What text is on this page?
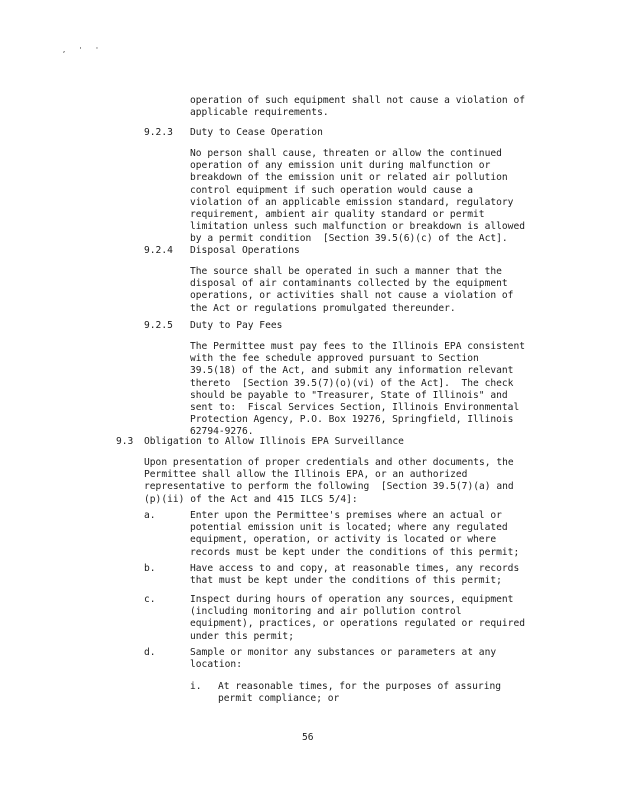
, ' '
operation of such equipment shall not cause a violation of
applicable requirements.
9.2.3 Duty to Cease Operation
No person shall cause, threaten or allow the continued
operation of any emission unit during malfunction or
breakdown of the emission unit or related air pollution
control equipment if such operation would cause a
violation of an applicable emission standard, regulatory
requirement, ambient air quality standard or permit
limitation unless such malfunction or breakdown is allowed
by a permit condition  [Section 39.5(6)(c) of the Act].
9.2.4 Disposal Operations
The source shall be operated in such a manner that the
disposal of air contaminants collected by the equipment
operations, or activities shall not cause a violation of
the Act or regulations promulgated thereunder.
9.2.5 Duty to Pay Fees
The Permittee must pay fees to the Illinois EPA consistent
with the fee schedule approved pursuant to Section
39.5(18) of the Act, and submit any information relevant
thereto  [Section 39.5(7)(o)(vi) of the Act].  The check
should be payable to "Treasurer, State of Illinois" and
sent to:  Fiscal Services Section, Illinois Environmental
Protection Agency, P.O. Box 19276, Springfield, Illinois
62794-9276.
9.3 Obligation to Allow Illinois EPA Surveillance
Upon presentation of proper credentials and other documents, the
Permittee shall allow the Illinois EPA, or an authorized
representative to perform the following  [Section 39.5(7)(a) and
(p)(ii) of the Act and 415 ILCS 5/4]:
a.	Enter upon the Permittee's premises where an actual or
potential emission unit is located; where any regulated
equipment, operation, or activity is located or where
records must be kept under the conditions of this permit;
b.	Have access to and copy, at reasonable times, any records
that must be kept under the conditions of this permit;
c.	Inspect during hours of operation any sources, equipment
(including monitoring and air pollution control
equipment), practices, or operations regulated or required
under this permit;
d.	Sample or monitor any substances or parameters at any
location:
i. At reasonable times, for the purposes of assuring
permit compliance; or
56
